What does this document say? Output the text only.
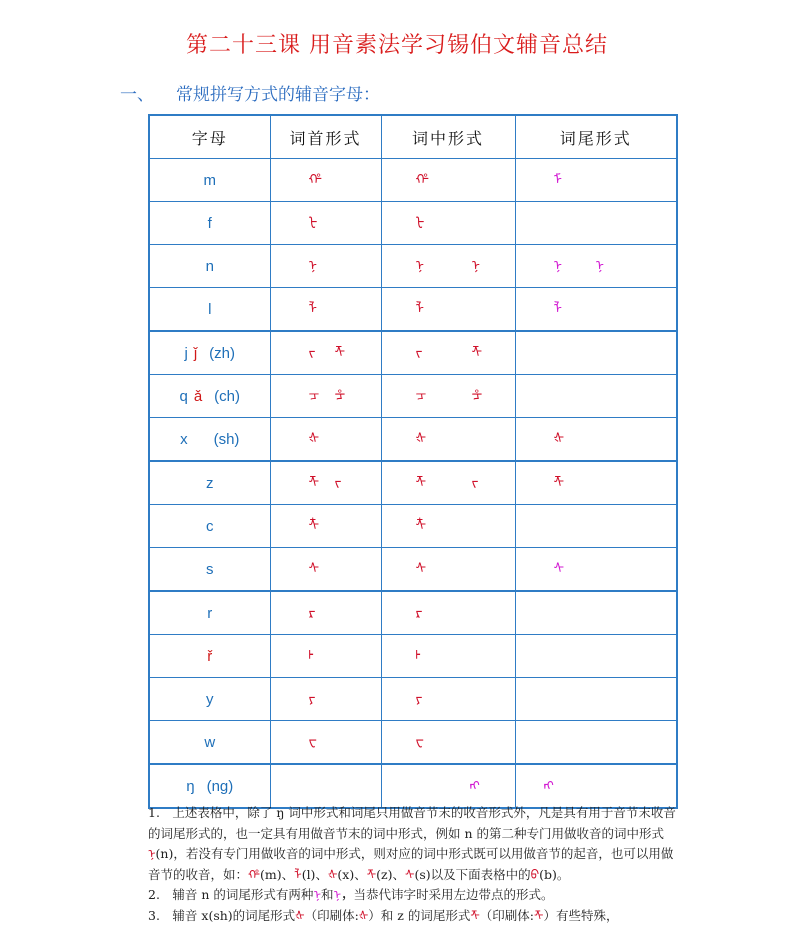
第二十三课 用音素法学习锡伯文辅音总结
一、 常规拼写方式的辅音字母：
字母	词首形式	词中形式	词尾形式
m	ᡥ	ᡥ	ᠮ

f	ᡶ	ᡶ	

n	ᠨ	ᠨ ᠨ	ᠨ ᠨ

l	ᠯ	ᠯ	ᠯ

j ǰ (zh)	ᠵ ᡯ	ᠵ ᡯ	

q ǎ (ch)	ᠴ ᡱ	ᠴ ᡱ	

x (sh)	ᡧ	ᡧ	ᡧ

z	ᡯ ᠵ	ᡯ ᠵ	ᡯ

c	ᡮ	ᡮ	

s	ᠰ	ᠰ	ᠰ

r	ᠷ	ᠷ	

ř	ᡰ	ᡰ	

y	ᠶ	ᠶ	

w	ᠸ	ᠸ	

ŋ (ng)		ᡢ	ᡢ

1.　上述表格中，除了 ŋ 词中形式和词尾只用做音节末的收音形式外，凡是具有用于音节末收音的词尾形式的，也一定具有用做音节末的词中形式，例如 n 的第二种专门用做收音的词中形式ᠨ(n)，若没有专门用做收音的词中形式，则对应的词中形式既可以用做音节的起音，也可以用做音节的收音，如：ᡥ(m)、ᠯ(l)、ᡧ(x)、ᡯ(z)、ᠰ(s)以及下面表格中的ᠪ(b)。

2.　辅音 n 的词尾形式有两种ᠨ和ᠨ，当恭代讳字时采用左边带点的形式。

3.　辅音 x(sh)的词尾形式ᡧ（印刷体:ᡧ）和 z 的词尾形式ᡯ（印刷体:ᡯ）有些特殊，
